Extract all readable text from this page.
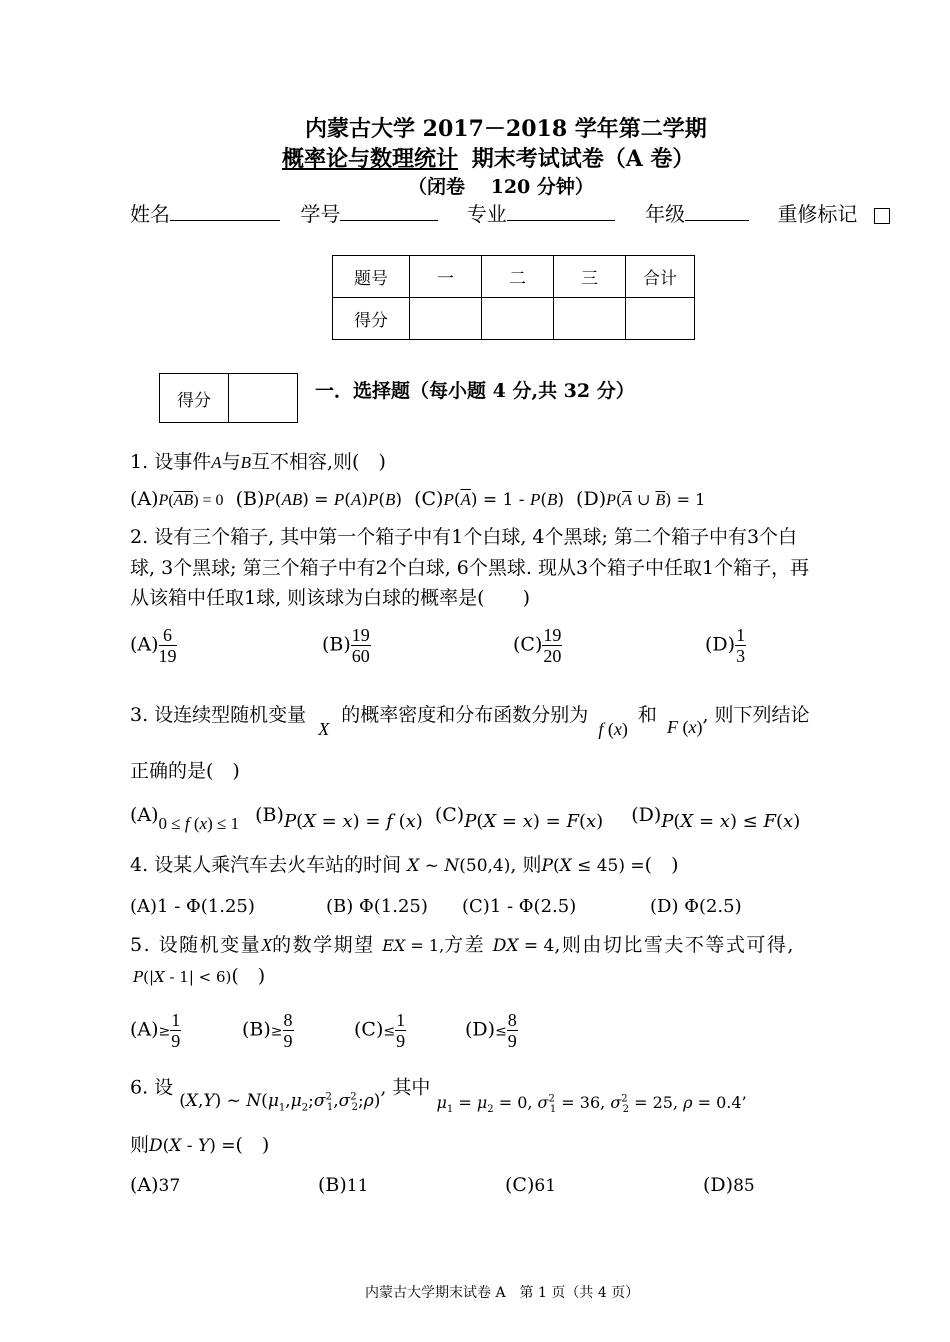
内蒙古大学 2017－2018 学年第二学期
概率论与数理统计 期末考试试卷（A 卷）
（闭卷　 120 分钟）
姓名	学号	专业	年级	重修标记
题号	一	二	三	合计
得分				
得分		一．选择题（每小题 4 分,共 32 分）
1. 设事件A与B互不相容,则(　)
$(A)P(\overline{AB}) = 0$ (B)P(AB) = P(A)P(B) $(C)P(\overline{A}) = 1 - P(B)$ $(D)P(\overline{A}$ ∪ $\overline{B}) = 1$
2. 设有三个箱子, 其中第一个箱子中有1个白球, 4个黑球; 第二个箱子中有3个白
球, 3个黑球; 第三个箱子中有2个白球, 6个黑球. 现从3个箱子中任取1个箱子，再
从该箱中任取1球, 则该球为白球的概率是(　　)
$(A) \frac{6}{19}$	$(B) \frac{19}{60}$	$(C) \frac{19}{20}$	$(D) \frac{1}{3}$
3. 设连续型随机变量 X 的概率密度和分布函数分别为 f (x) 和 F (x), 则下列结论
正确的是(　)
(A)0 ≤ f (x) ≤ 1 (B)P(X = x) = f (x) (C)P(X = x) = F(x) (D)P(X = x) ≤ F(x)
4. 设某人乘汽车去火车站的时间 X ~ N(50,4), 则P(X ≤ 45) =(　)
(A)1 - Φ(1.25)	(B) Φ(1.25) (C)1 - Φ(2.5)	(D) Φ(2.5)
5. 设随机变量X的数学期望 EX = 1,方差 DX = 4,则由切比雪夫不等式可得,
P(|X - 1| < 6)(　)
$(A)\ge \frac{1}{9}$	$(B)\ge \frac{8}{9}$	$(C)\le \frac{1}{9}$	$(D)\le \frac{8}{9}$
6. 设 (X,Y) ~ $N(\mu_1,\mu_2;\sigma^2_1,\sigma^2_2;\rho)$, 其中 $_{\mu_1 = \mu_2 = 0, \sigma^2_1 = 36, \sigma^2_2 = 25, \rho = 0.4’}$
则D(X - Y) =(　)
(A)37	(B)11	(C)61	(D)85
内蒙古大学期末试卷 A　第 1 页（共 4 页）
